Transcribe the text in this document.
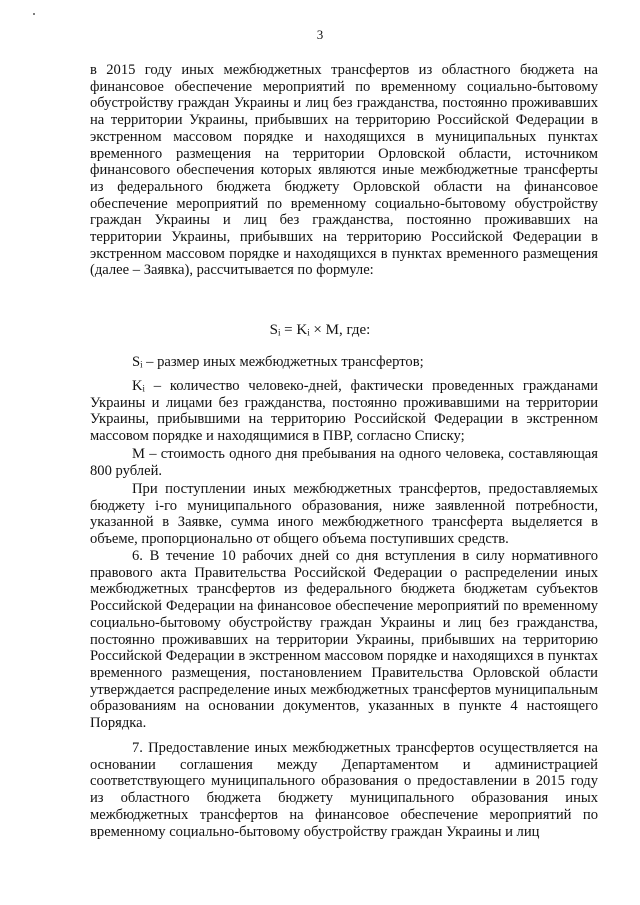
3

в 2015 году иных межбюджетных трансфертов из областного бюджета на финансовое обеспечение мероприятий по временному социально-бытовому обустройству граждан Украины и лиц без гражданства, постоянно проживавших на территории Украины, прибывших на территорию Российской Федерации в экстренном массовом порядке и находящихся в муниципальных пунктах временного размещения на территории Орловской области, источником финансового обеспечения которых являются иные межбюджетные трансферты из федерального бюджета бюджету Орловской области на финансовое обеспечение мероприятий по временному социально-бытовому обустройству граждан Украины и лиц без гражданства, постоянно проживавших на территории Украины, прибывших на территорию Российской Федерации в экстренном массовом порядке и находящихся в пунктах временного размещения (далее – Заявка), рассчитывается по формуле:

Sᵢ = Kᵢ × M, где:

Sᵢ – размер иных межбюджетных трансфертов;

Kᵢ – количество человеко-дней, фактически проведенных гражданами Украины и лицами без гражданства, постоянно проживавшими на территории Украины, прибывшими на территорию Российской Федерации в экстренном массовом порядке и находящимися в ПВР, согласно Списку;

М – стоимость одного дня пребывания на одного человека, составляющая 800 рублей.

При поступлении иных межбюджетных трансфертов, предоставляемых бюджету i-го муниципального образования, ниже заявленной потребности, указанной в Заявке, сумма иного межбюджетного трансферта выделяется в объеме, пропорционально от общего объема поступивших средств.

6. В течение 10 рабочих дней со дня вступления в силу нормативного правового акта Правительства Российской Федерации о распределении иных межбюджетных трансфертов из федерального бюджета бюджетам субъектов Российской Федерации на финансовое обеспечение мероприятий по временному социально-бытовому обустройству граждан Украины и лиц без гражданства, постоянно проживавших на территории Украины, прибывших на территорию Российской Федерации в экстренном массовом порядке и находящихся в пунктах временного размещения, постановлением Правительства Орловской области утверждается распределение иных межбюджетных трансфертов муниципальным образованиям на основании документов, указанных в пункте 4 настоящего Порядка.

7. Предоставление иных межбюджетных трансфертов осуществляется на основании соглашения между Департаментом и администрацией соответствующего муниципального образования о предоставлении в 2015 году из областного бюджета бюджету муниципального образования иных межбюджетных трансфертов на финансовое обеспечение мероприятий по временному социально-бытовому обустройству граждан Украины и лиц
